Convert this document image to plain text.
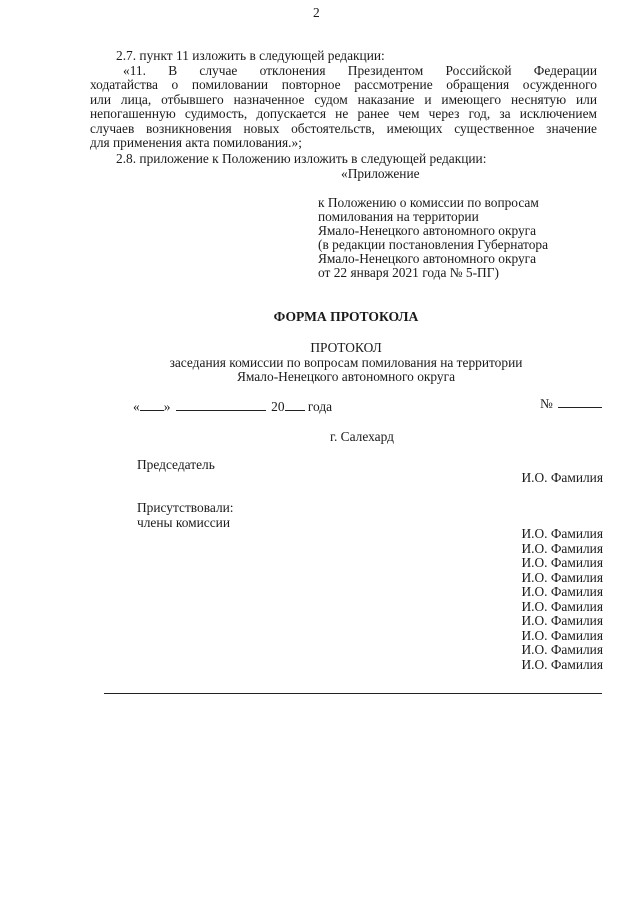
2
2.7. пункт 11 изложить в следующей редакции:
«11. В случае отклонения Президентом Российской Федерации
ходатайства о помиловании повторное рассмотрение обращения осужденного
или лица, отбывшего назначенное судом наказание и имеющего неснятую или
непогашенную судимость, допускается не ранее чем через год, за исключением
случаев возникновения новых обстоятельств, имеющих существенное значение
для применения акта помилования.»;
2.8. приложение к Положению изложить в следующей редакции:
«Приложение
к Положению о комиссии по вопросам
помилования на территории
Ямало-Ненецкого автономного округа
(в редакции постановления Губернатора
Ямало-Ненецкого автономного округа
от 22 января 2021 года № 5-ПГ)
ФОРМА ПРОТОКОЛА
ПРОТОКОЛ
заседания комиссии по вопросам помилования на территории
Ямало-Ненецкого автономного округа
« »	20 года	№
г. Салехард
Председатель
И.О. Фамилия
Присутствовали:
члены комиссии
И.О. Фамилия
И.О. Фамилия
И.О. Фамилия
И.О. Фамилия
И.О. Фамилия
И.О. Фамилия
И.О. Фамилия
И.О. Фамилия
И.О. Фамилия
И.О. Фамилия
